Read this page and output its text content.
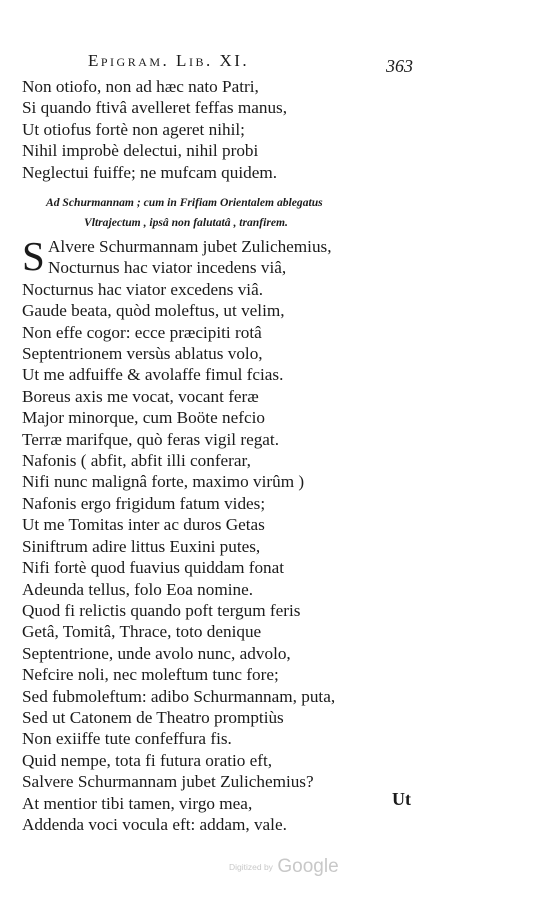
Epigram. Lib. XI.	363
Non otiofo, non ad hæc nato Patri,
Si quando ftivâ avelleret feffas manus,
Ut otiofus fortè non ageret nihil;
Nihil improbè delectui, nihil probi
Neglectui fuiffe; ne mufcam quidem.
Ad Schurmannam ; cum in Frifiam Orientalem ablegatus
Vltrajectum , ipsâ non falutatâ , tranfirem.
S Alvere Schurmannam jubet Zulichemius,
Nocturnus hac viator incedens viâ,
Nocturnus hac viator excedens viâ.
Gaude beata, quòd moleftus, ut velim,
Non effe cogor: ecce præcipiti rotâ
Septentrionem versùs ablatus volo,
Ut me adfuiffe & avolaffe fimul fcias.
Boreus axis me vocat, vocant feræ
Major minorque, cum Boöte nefcio
Terræ marifque, quò feras vigil regat.
Nafonis ( abfit, abfit illi conferar,
Nifi nunc malignâ forte, maximo virûm )
Nafonis ergo frigidum fatum vides;
Ut me Tomitas inter ac duros Getas
Siniftrum adire littus Euxini putes,
Nifi fortè quod fuavius quiddam fonat
Adeunda tellus, folo Eoa nomine.
Quod fi relictis quando poft tergum feris
Getâ, Tomitâ, Thrace, toto denique
Septentrione, unde avolo nunc, advolo,
Nefcire noli, nec moleftum tunc fore;
Sed fubmoleftum: adibo Schurmannam, puta,
Sed ut Catonem de Theatro promptiùs
Non exiiffe tute confeffura fis.
Quid nempe, tota fi futura oratio eft,
Salvere Schurmannam jubet Zulichemius?
At mentior tibi tamen, virgo mea,
Addenda voci vocula eft: addam, vale.
Ut
Digitized by Google
